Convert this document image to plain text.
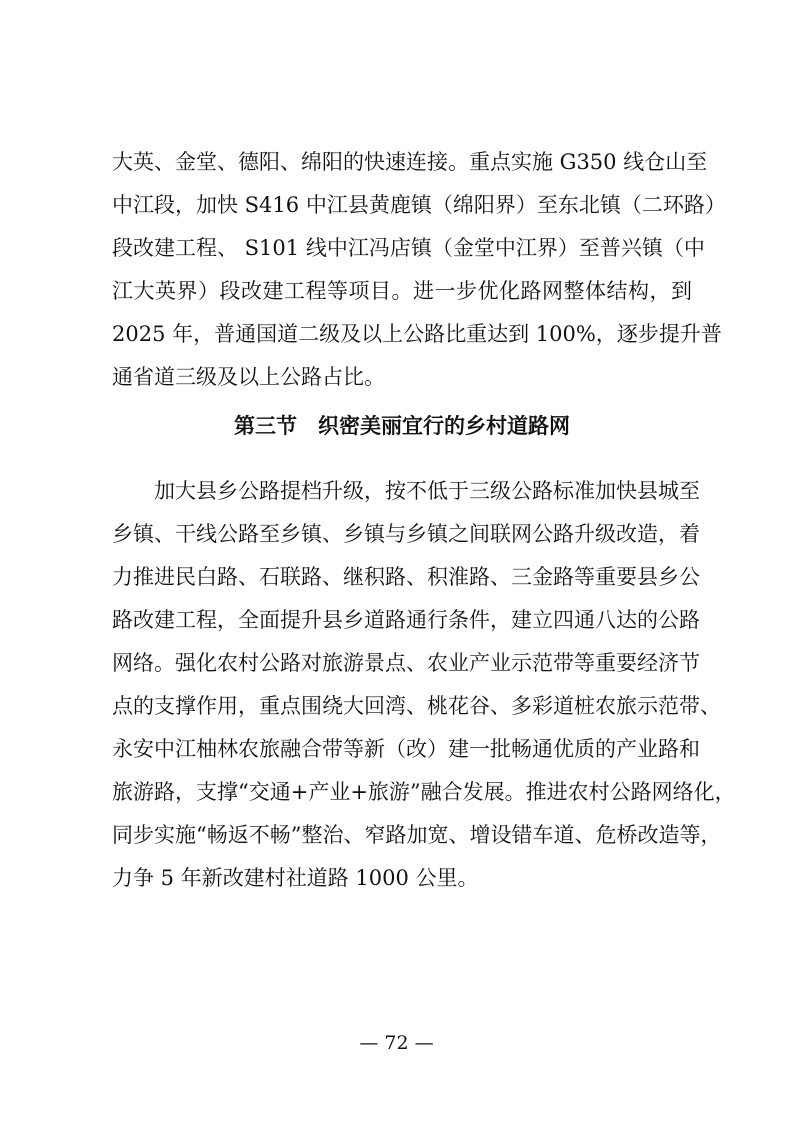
大英、金堂、德阳、绵阳的快速连接。重点实施 G350 线仓山至
中江段，加快 S416 中江县黄鹿镇（绵阳界）至东北镇（二环路）
段改建工程、 S101 线中江冯店镇（金堂中江界）至普兴镇（中
江大英界）段改建工程等项目。进一步优化路网整体结构，到
2025 年，普通国道二级及以上公路比重达到 100%，逐步提升普
通省道三级及以上公路占比。
第三节　织密美丽宜行的乡村道路网
加大县乡公路提档升级，按不低于三级公路标准加快县城至
乡镇、干线公路至乡镇、乡镇与乡镇之间联网公路升级改造，着
力推进民白路、石联路、继积路、积淮路、三金路等重要县乡公
路改建工程，全面提升县乡道路通行条件，建立四通八达的公路
网络。强化农村公路对旅游景点、农业产业示范带等重要经济节
点的支撑作用，重点围绕大回湾、桃花谷、多彩道桩农旅示范带、
永安中江柚林农旅融合带等新（改）建一批畅通优质的产业路和
旅游路，支撑“交通+产业+旅游”融合发展。推进农村公路网络化，
同步实施“畅返不畅”整治、窄路加宽、增设错车道、危桥改造等，
力争 5 年新改建村社道路 1000 公里。
— 72 —
